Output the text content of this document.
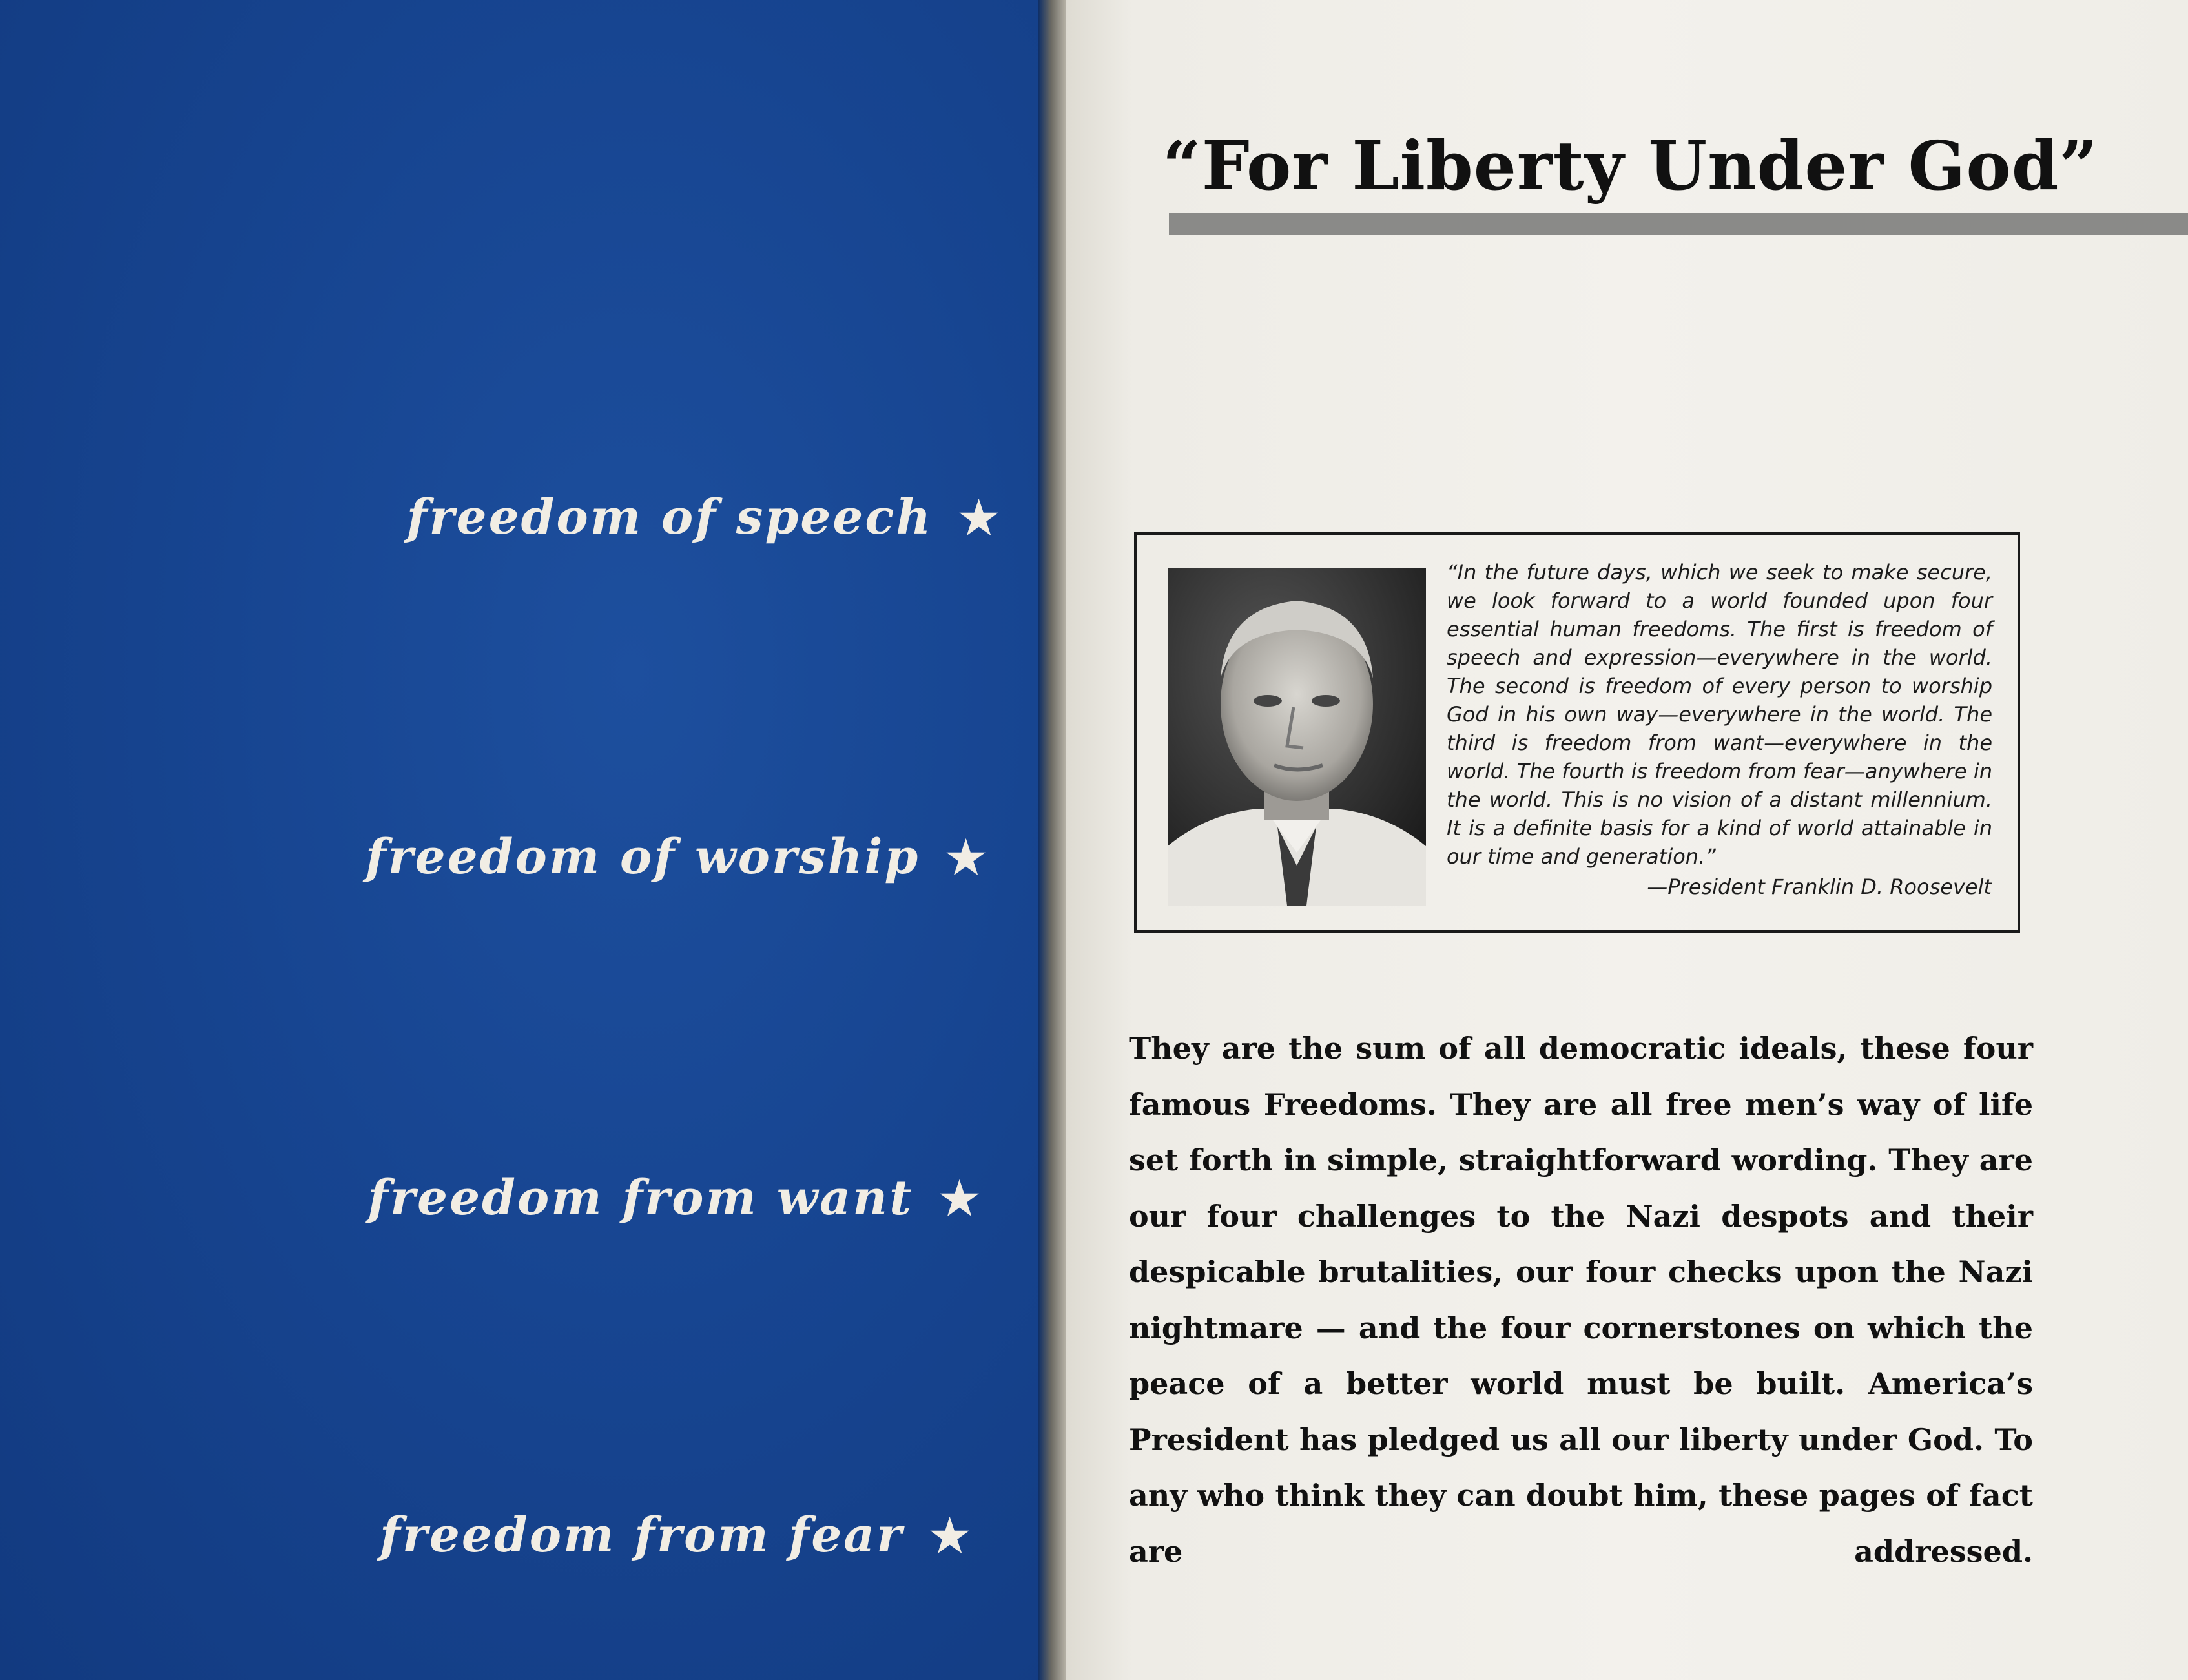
freedom of speech ★
freedom of worship ★
freedom from want ★
freedom from fear ★
“For Liberty Under God”
“In the future days, which we seek to make secure, we look forward to a world founded upon four essential human freedoms. The first is freedom of speech and expression—everywhere in the world. The second is freedom of every person to worship God in his own way—everywhere in the world. The third is freedom from want—everywhere in the world. The fourth is freedom from fear—anywhere in the world. This is no vision of a distant millennium. It is a definite basis for a kind of world attainable in our time and generation.”
—President Franklin D. Roosevelt
They are the sum of all democratic ideals, these four famous Freedoms. They are all free men’s way of life set forth in simple, straightforward wording. They are our four challenges to the Nazi despots and their despicable brutalities, our four checks upon the Nazi nightmare — and the four cornerstones on which the peace of a better world must be built. America’s President has pledged us all our liberty under God. To any who think they can doubt him, these pages of fact are addressed.
